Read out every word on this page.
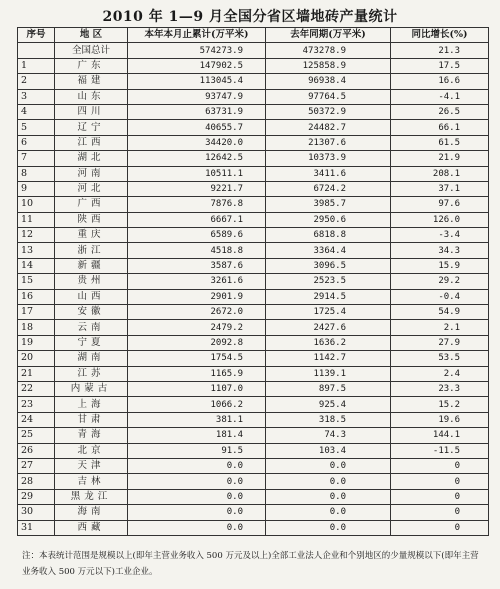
2010 年 1—9 月全国分省区墙地砖产量统计
序号	地 区	本年本月止累计(万平米)	去年同期(万平米)	同比增长(%)
	全国总计	574273.9	473278.9	21.3
1	广东	147902.5	125858.9	17.5
2	福建	113045.4	96938.4	16.6
3	山东	93747.9	97764.5	-4.1
4	四川	63731.9	50372.9	26.5
5	辽宁	40655.7	24482.7	66.1
6	江西	34420.0	21307.6	61.5
7	湖北	12642.5	10373.9	21.9
8	河南	10511.1	3411.6	208.1
9	河北	9221.7	6724.2	37.1
10	广西	7876.8	3985.7	97.6
11	陕西	6667.1	2950.6	126.0
12	重庆	6589.6	6818.8	-3.4
13	浙江	4518.8	3364.4	34.3
14	新疆	3587.6	3096.5	15.9
15	贵州	3261.6	2523.5	29.2
16	山西	2901.9	2914.5	-0.4
17	安徽	2672.0	1725.4	54.9
18	云南	2479.2	2427.6	2.1
19	宁夏	2092.8	1636.2	27.9
20	湖南	1754.5	1142.7	53.5
21	江苏	1165.9	1139.1	2.4
22	内蒙古	1107.0	897.5	23.3
23	上海	1066.2	925.4	15.2
24	甘肃	381.1	318.5	19.6
25	青海	181.4	74.3	144.1
26	北京	91.5	103.4	-11.5
27	天津	0.0	0.0	0
28	吉林	0.0	0.0	0
29	黑龙江	0.0	0.0	0
30	海南	0.0	0.0	0
31	西藏	0.0	0.0	0
注：本表统计范围是规模以上(即年主营业务收入 500 万元及以上)全部工业法人企业和个别地区的少量规模以下(即年主营业务收入 500 万元以下)工业企业。
